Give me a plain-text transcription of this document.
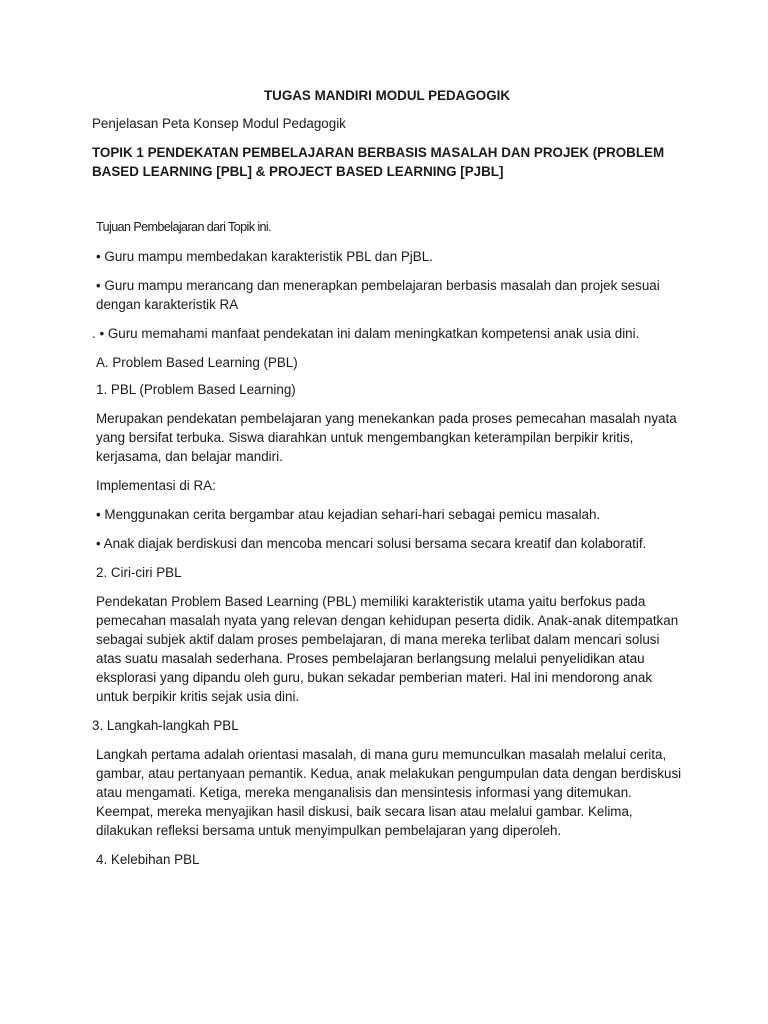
TUGAS MANDIRI MODUL PEDAGOGIK

Penjelasan Peta Konsep Modul Pedagogik

TOPIK 1 PENDEKATAN PEMBELAJARAN BERBASIS MASALAH DAN PROJEK (PROBLEM BASED LEARNING [PBL] & PROJECT BASED LEARNING [PJBL]

Tujuan Pembelajaran dari Topik ini.

• Guru mampu membedakan karakteristik PBL dan PjBL.

• Guru mampu merancang dan menerapkan pembelajaran berbasis masalah dan projek sesuai dengan karakteristik RA

. • Guru memahami manfaat pendekatan ini dalam meningkatkan kompetensi anak usia dini.

A. Problem Based Learning (PBL)

1. PBL (Problem Based Learning)

Merupakan pendekatan pembelajaran yang menekankan pada proses pemecahan masalah nyata yang bersifat terbuka. Siswa diarahkan untuk mengembangkan keterampilan berpikir kritis, kerjasama, dan belajar mandiri.

Implementasi di RA:

• Menggunakan cerita bergambar atau kejadian sehari-hari sebagai pemicu masalah.

• Anak diajak berdiskusi dan mencoba mencari solusi bersama secara kreatif dan kolaboratif.

2. Ciri-ciri PBL

Pendekatan Problem Based Learning (PBL) memiliki karakteristik utama yaitu berfokus pada pemecahan masalah nyata yang relevan dengan kehidupan peserta didik. Anak-anak ditempatkan sebagai subjek aktif dalam proses pembelajaran, di mana mereka terlibat dalam mencari solusi atas suatu masalah sederhana. Proses pembelajaran berlangsung melalui penyelidikan atau eksplorasi yang dipandu oleh guru, bukan sekadar pemberian materi. Hal ini mendorong anak untuk berpikir kritis sejak usia dini.

3. Langkah-langkah PBL

Langkah pertama adalah orientasi masalah, di mana guru memunculkan masalah melalui cerita, gambar, atau pertanyaan pemantik. Kedua, anak melakukan pengumpulan data dengan berdiskusi atau mengamati. Ketiga, mereka menganalisis dan mensintesis informasi yang ditemukan. Keempat, mereka menyajikan hasil diskusi, baik secara lisan atau melalui gambar. Kelima, dilakukan refleksi bersama untuk menyimpulkan pembelajaran yang diperoleh.

4. Kelebihan PBL
